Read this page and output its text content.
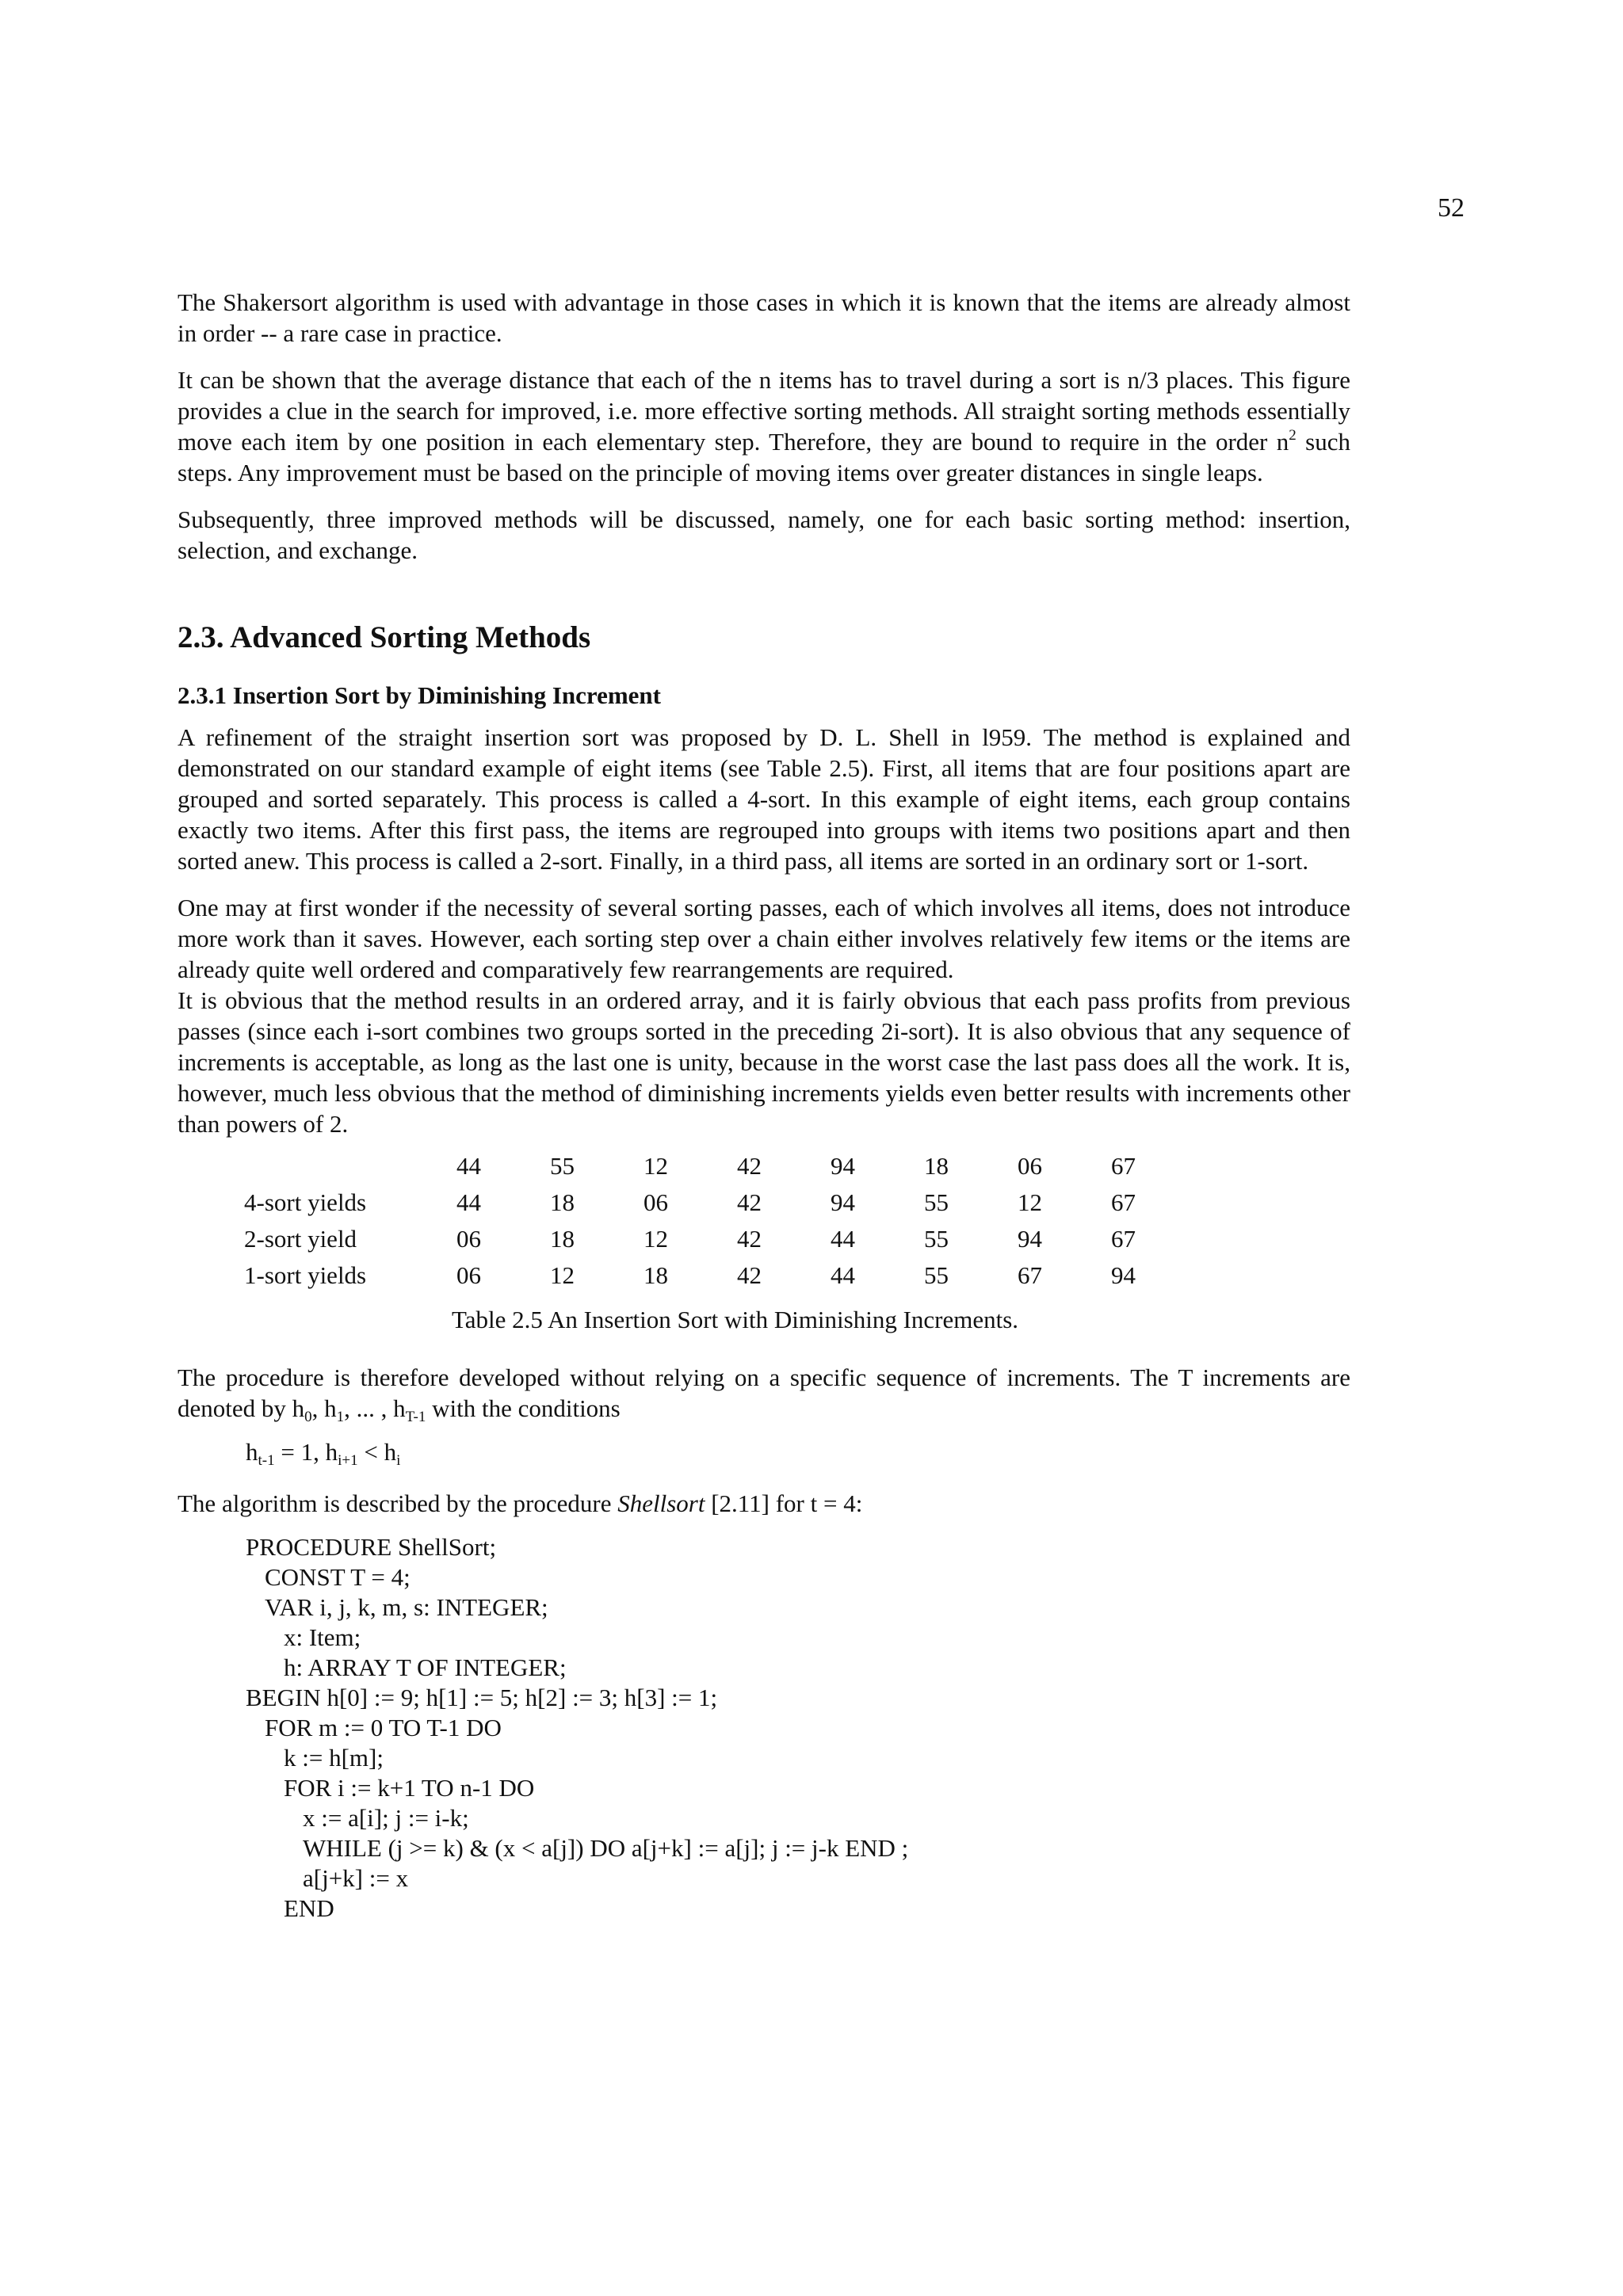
52

The Shakersort algorithm is used with advantage in those cases in which it is known that the items are already almost in order -- a rare case in practice.

It can be shown that the average distance that each of the n items has to travel during a sort is n/3 places. This figure provides a clue in the search for improved, i.e. more effective sorting methods. All straight sorting methods essentially move each item by one position in each elementary step. Therefore, they are bound to require in the order $n^2$ such steps. Any improvement must be based on the principle of moving items over greater distances in single leaps.

Subsequently, three improved methods will be discussed, namely, one for each basic sorting method: insertion, selection, and exchange.

2.3. Advanced Sorting Methods
2.3.1 Insertion Sort by Diminishing Increment

A refinement of the straight insertion sort was proposed by D. L. Shell in l959. The method is explained and demonstrated on our standard example of eight items (see Table 2.5). First, all items that are four positions apart are grouped and sorted separately. This process is called a 4-sort. In this example of eight items, each group contains exactly two items. After this first pass, the items are regrouped into groups with items two positions apart and then sorted anew. This process is called a 2-sort. Finally, in a third pass, all items are sorted in an ordinary sort or 1-sort.

One may at first wonder if the necessity of several sorting passes, each of which involves all items, does not introduce more work than it saves. However, each sorting step over a chain either involves relatively few items or the items are already quite well ordered and comparatively few rearrangements are required.

It is obvious that the method results in an ordered array, and it is fairly obvious that each pass profits from previous passes (since each i-sort combines two groups sorted in the preceding 2i-sort). It is also obvious that any sequence of increments is acceptable, as long as the last one is unity, because in the worst case the last pass does all the work. It is, however, much less obvious that the method of diminishing increments yields even better results with increments other than powers of 2.

	44	55	12	42	94	18	06	67
4-sort yields	44	18	06	42	94	55	12	67
2-sort yield	06	18	12	42	44	55	94	67
1-sort yields	06	12	18	42	44	55	67	94
Table 2.5 An Insertion Sort with Diminishing Increments.

The procedure is therefore developed without relying on a specific sequence of increments. The T increments are denoted by $h_0$, $h_1$, ... , $h_{T-1}$ with the conditions

$h_{t-1} = 1$, $h_{i+1} < h_i$

The algorithm is described by the procedure Shellsort [2.11] for t = 4:

PROCEDURE ShellSort;
CONST T = 4;
VAR i, j, k, m, s: INTEGER;
x: Item;
h: ARRAY T OF INTEGER;
BEGIN h[0] := 9; h[1] := 5; h[2] := 3; h[3] := 1;
FOR m := 0 TO T-1 DO
k := h[m];
FOR i := k+1 TO n-1 DO
x := a[i]; j := i-k;
WHILE (j >= k) & (x < a[j]) DO a[j+k] := a[j]; j := j-k END ;
a[j+k] := x
END
